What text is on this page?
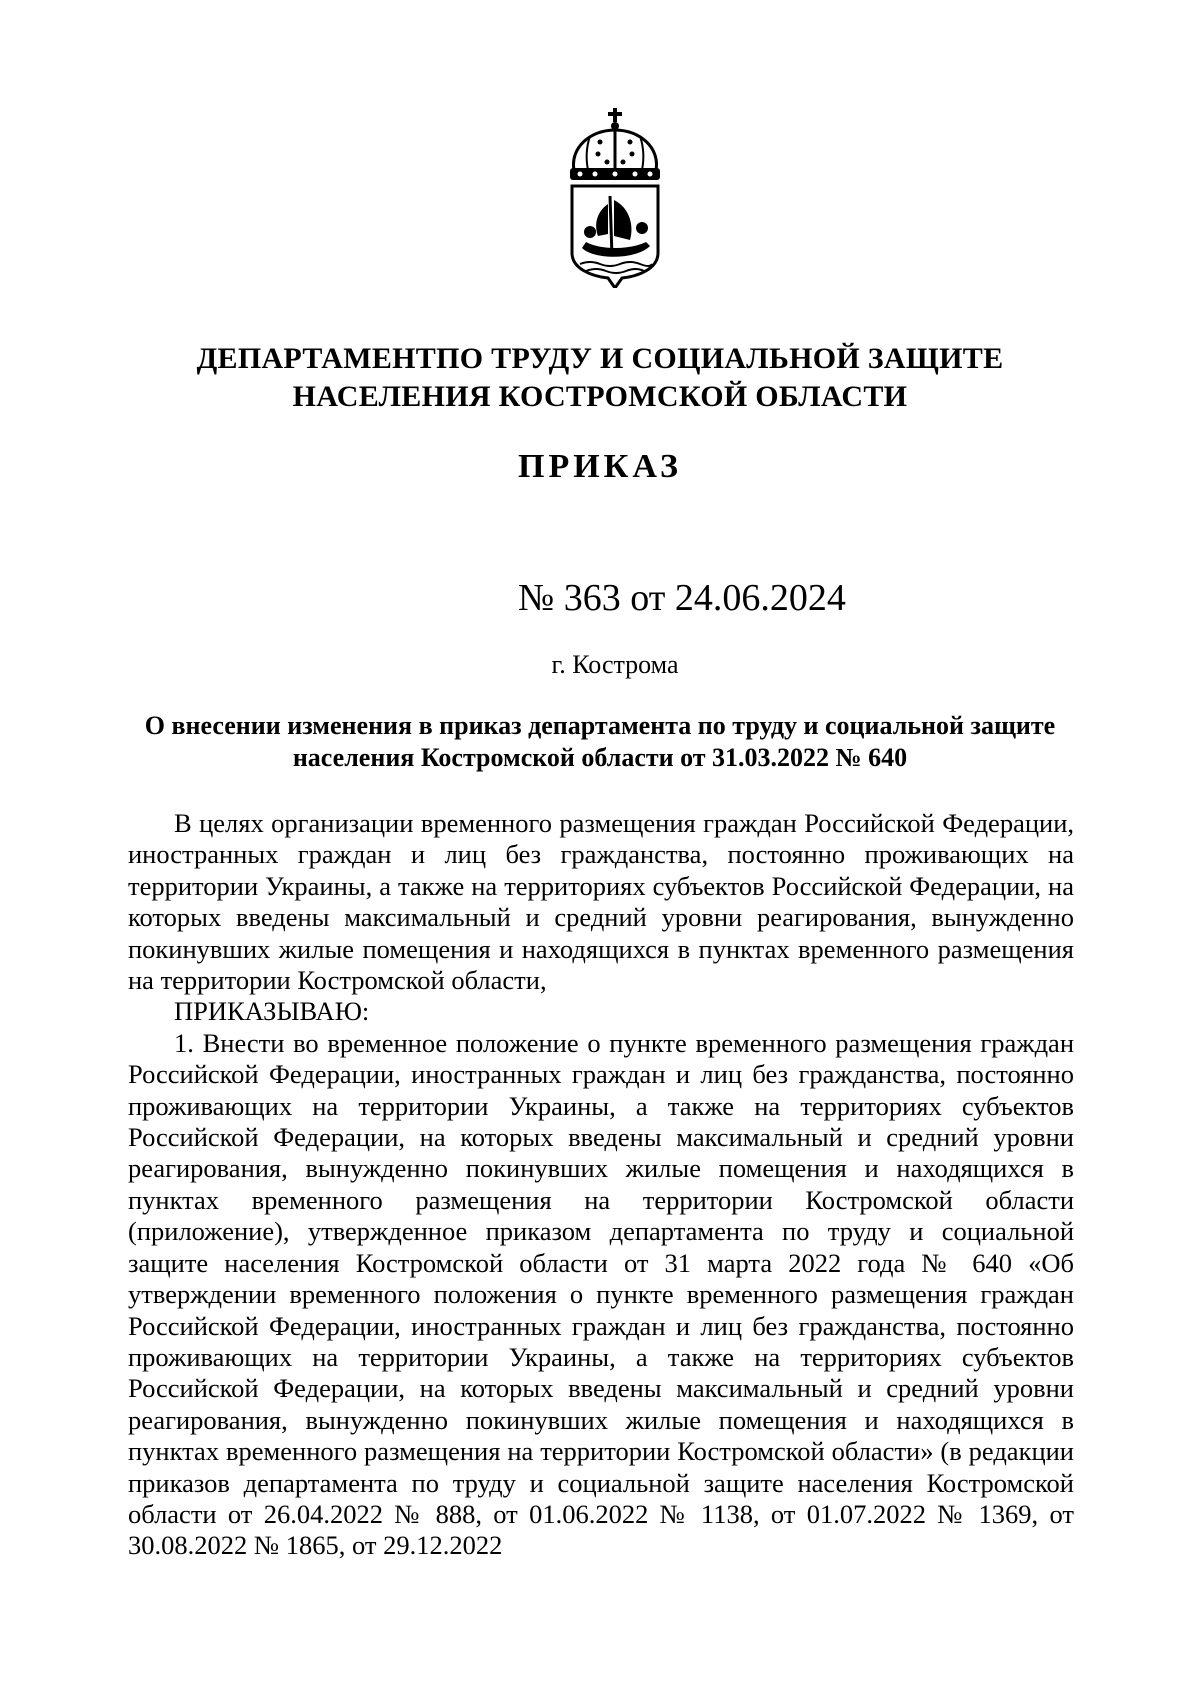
ДЕПАРТАМЕНТПО ТРУДУ И СОЦИАЛЬНОЙ ЗАЩИТЕ
НАСЕЛЕНИЯ КОСТРОМСКОЙ ОБЛАСТИ
ПРИКАЗ
№ 363 от 24.06.2024
г. Кострома
О внесении изменения в приказ департамента по труду и социальной защите
населения Костромской области от 31.03.2022 № 640

В целях организации временного размещения граждан Российской Федерации, иностранных граждан и лиц без гражданства, постоянно проживающих на территории Украины, а также на территориях субъектов Российской Федерации, на которых введены максимальный и средний уровни реагирования, вынужденно покинувших жилые помещения и находящихся в пунктах временного размещения на территории Костромской области,

ПРИКАЗЫВАЮ:

1. Внести во временное положение о пункте временного размещения граждан Российской Федерации, иностранных граждан и лиц без гражданства, постоянно проживающих на территории Украины, а также на территориях субъектов Российской Федерации, на которых введены максимальный и средний уровни реагирования, вынужденно покинувших жилые помещения и находящихся в пунктах временного размещения на территории Костромской области (приложение), утвержденное приказом департамента по труду и социальной защите населения Костромской области от 31 марта 2022 года № 640 «Об утверждении временного положения о пункте временного размещения граждан Российской Федерации, иностранных граждан и лиц без гражданства, постоянно проживающих на территории Украины, а также на территориях субъектов Российской Федерации, на которых введены максимальный и средний уровни реагирования, вынужденно покинувших жилые помещения и находящихся в пунктах временного размещения на территории Костромской области» (в редакции приказов департамента по труду и социальной защите населения Костромской области от 26.04.2022 № 888, от 01.06.2022 № 1138, от 01.07.2022 № 1369, от 30.08.2022 № 1865, от 29.12.2022
